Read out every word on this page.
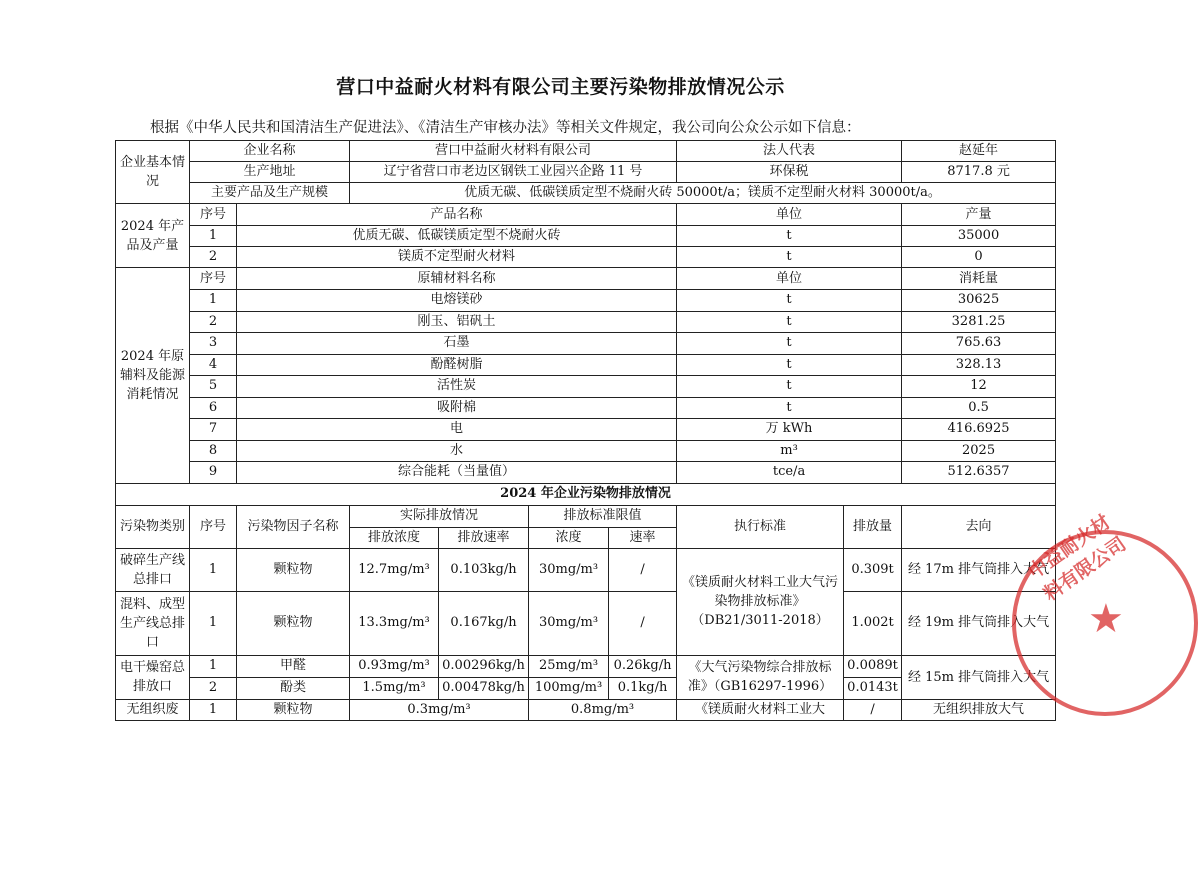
营口中益耐火材料有限公司主要污染物排放情况公示
根据《中华人民共和国清洁生产促进法》、《清洁生产审核办法》等相关文件规定，我公司向公众公示如下信息：
企业基本情况	企业名称		营口中益耐火材料有限公司				法人代表		赵延年
	生产地址		辽宁省营口市老边区钢铁工业园兴企路 11 号				环保税		8717.8 元
	主要产品及生产规模		优质无碳、低碳镁质定型不烧耐火砖 50000t/a；镁质不定型耐火材料 30000t/a。						
2024 年产品及产量	序号	产品名称					单位		产量
	1	优质无碳、低碳镁质定型不烧耐火砖					t		35000
	2	镁质不定型耐火材料					t		0
2024 年原辅料及能源消耗情况	序号	原辅材料名称					单位		消耗量
	1	电熔镁砂					t		30625
	2	刚玉、铝矾土					t		3281.25
	3	石墨					t		765.63
	4	酚醛树脂					t		328.13
	5	活性炭					t		12
	6	吸附棉					t		0.5
	7	电					万 kWh		416.6925
	8	水					m³		2025
	9	综合能耗（当量值）					tce/a		512.6357
2024 年企业污染物排放情况									
污染物类别	序号	污染物因子名称	实际排放情况		排放标准限值		执行标准	排放量	去向
			排放浓度	排放速率	浓度	速率			
破碎生产线总排口	1	颗粒物	12.7mg/m³	0.103kg/h	30mg/m³	/	《镁质耐火材料工业大气污染物排放标准》（DB21/3011-2018）	0.309t	经 17m 排气筒排入大气
混料、成型生产线总排口	1	颗粒物	13.3mg/m³	0.167kg/h	30mg/m³	/		1.002t	经 19m 排气筒排入大气
电干燥窑总排放口	1	甲醛	0.93mg/m³	0.00296kg/h	25mg/m³	0.26kg/h	《大气污染物综合排放标准》（GB16297-1996）	0.0089t	经 15m 排气筒排入大气
	2	酚类	1.5mg/m³	0.00478kg/h	100mg/m³	0.1kg/h		0.0143t	
无组织废	1	颗粒物	0.3mg/m³		0.8mg/m³		《镁质耐火材料工业大	/	无组织排放大气
中益耐火材料有限公司
★
